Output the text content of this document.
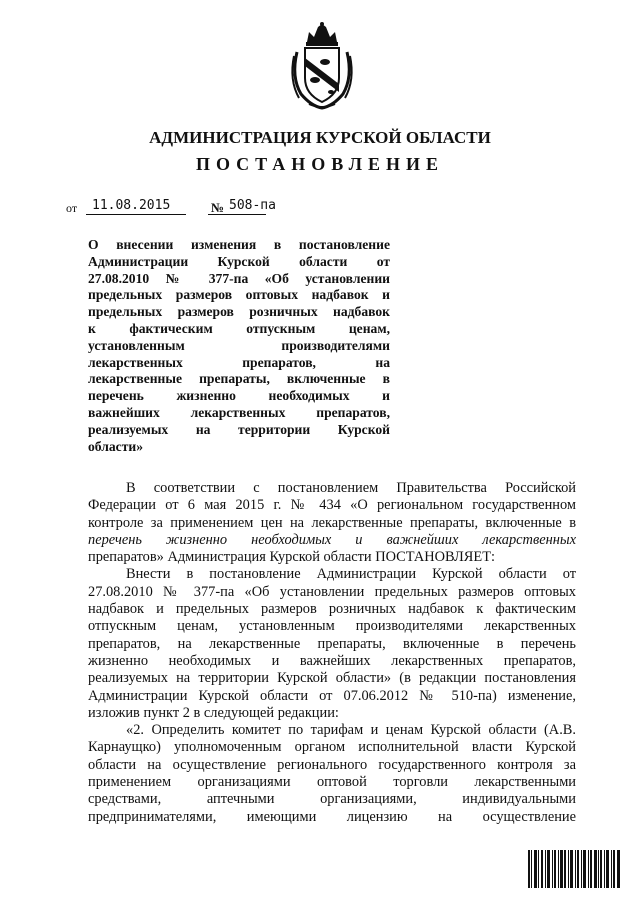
АДМИНИСТРАЦИЯ КУРСКОЙ ОБЛАСТИ
ПОСТАНОВЛЕНИЕ
от 11.08.2015	№ 508-па
О внесении изменения в постановление
Администрации Курской области от
27.08.2010 № 377-па «Об установлении
предельных размеров оптовых надбавок и
предельных размеров розничных надбавок
к фактическим отпускным ценам,
установленным производителями
лекарственных препаратов, на
лекарственные препараты, включенные в
перечень жизненно необходимых и
важнейших лекарственных препаратов,
реализуемых на территории Курской
области»
В соответствии с постановлением Правительства Российской
Федерации от 6 мая 2015 г. № 434 «О региональном государственном
контроле за применением цен на лекарственные препараты, включенные в
перечень жизненно необходимых и важнейших лекарственных
препаратов» Администрация Курской области ПОСТАНОВЛЯЕТ:
Внести в постановление Администрации Курской области от
27.08.2010 № 377-па «Об установлении предельных размеров оптовых
надбавок и предельных размеров розничных надбавок к фактическим
отпускным ценам, установленным производителями лекарственных
препаратов, на лекарственные препараты, включенные в перечень
жизненно необходимых и важнейших лекарственных препаратов,
реализуемых на территории Курской области» (в редакции постановления
Администрации Курской области от 07.06.2012 № 510-па) изменение,
изложив пункт 2 в следующей редакции:
«2. Определить комитет по тарифам и ценам Курской области (А.В.
Карнаущко) уполномоченным органом исполнительной власти Курской
области на осуществление регионального государственного контроля за
применением организациями оптовой торговли лекарственными
средствами, аптечными организациями, индивидуальными
предпринимателями, имеющими лицензию на осуществление
